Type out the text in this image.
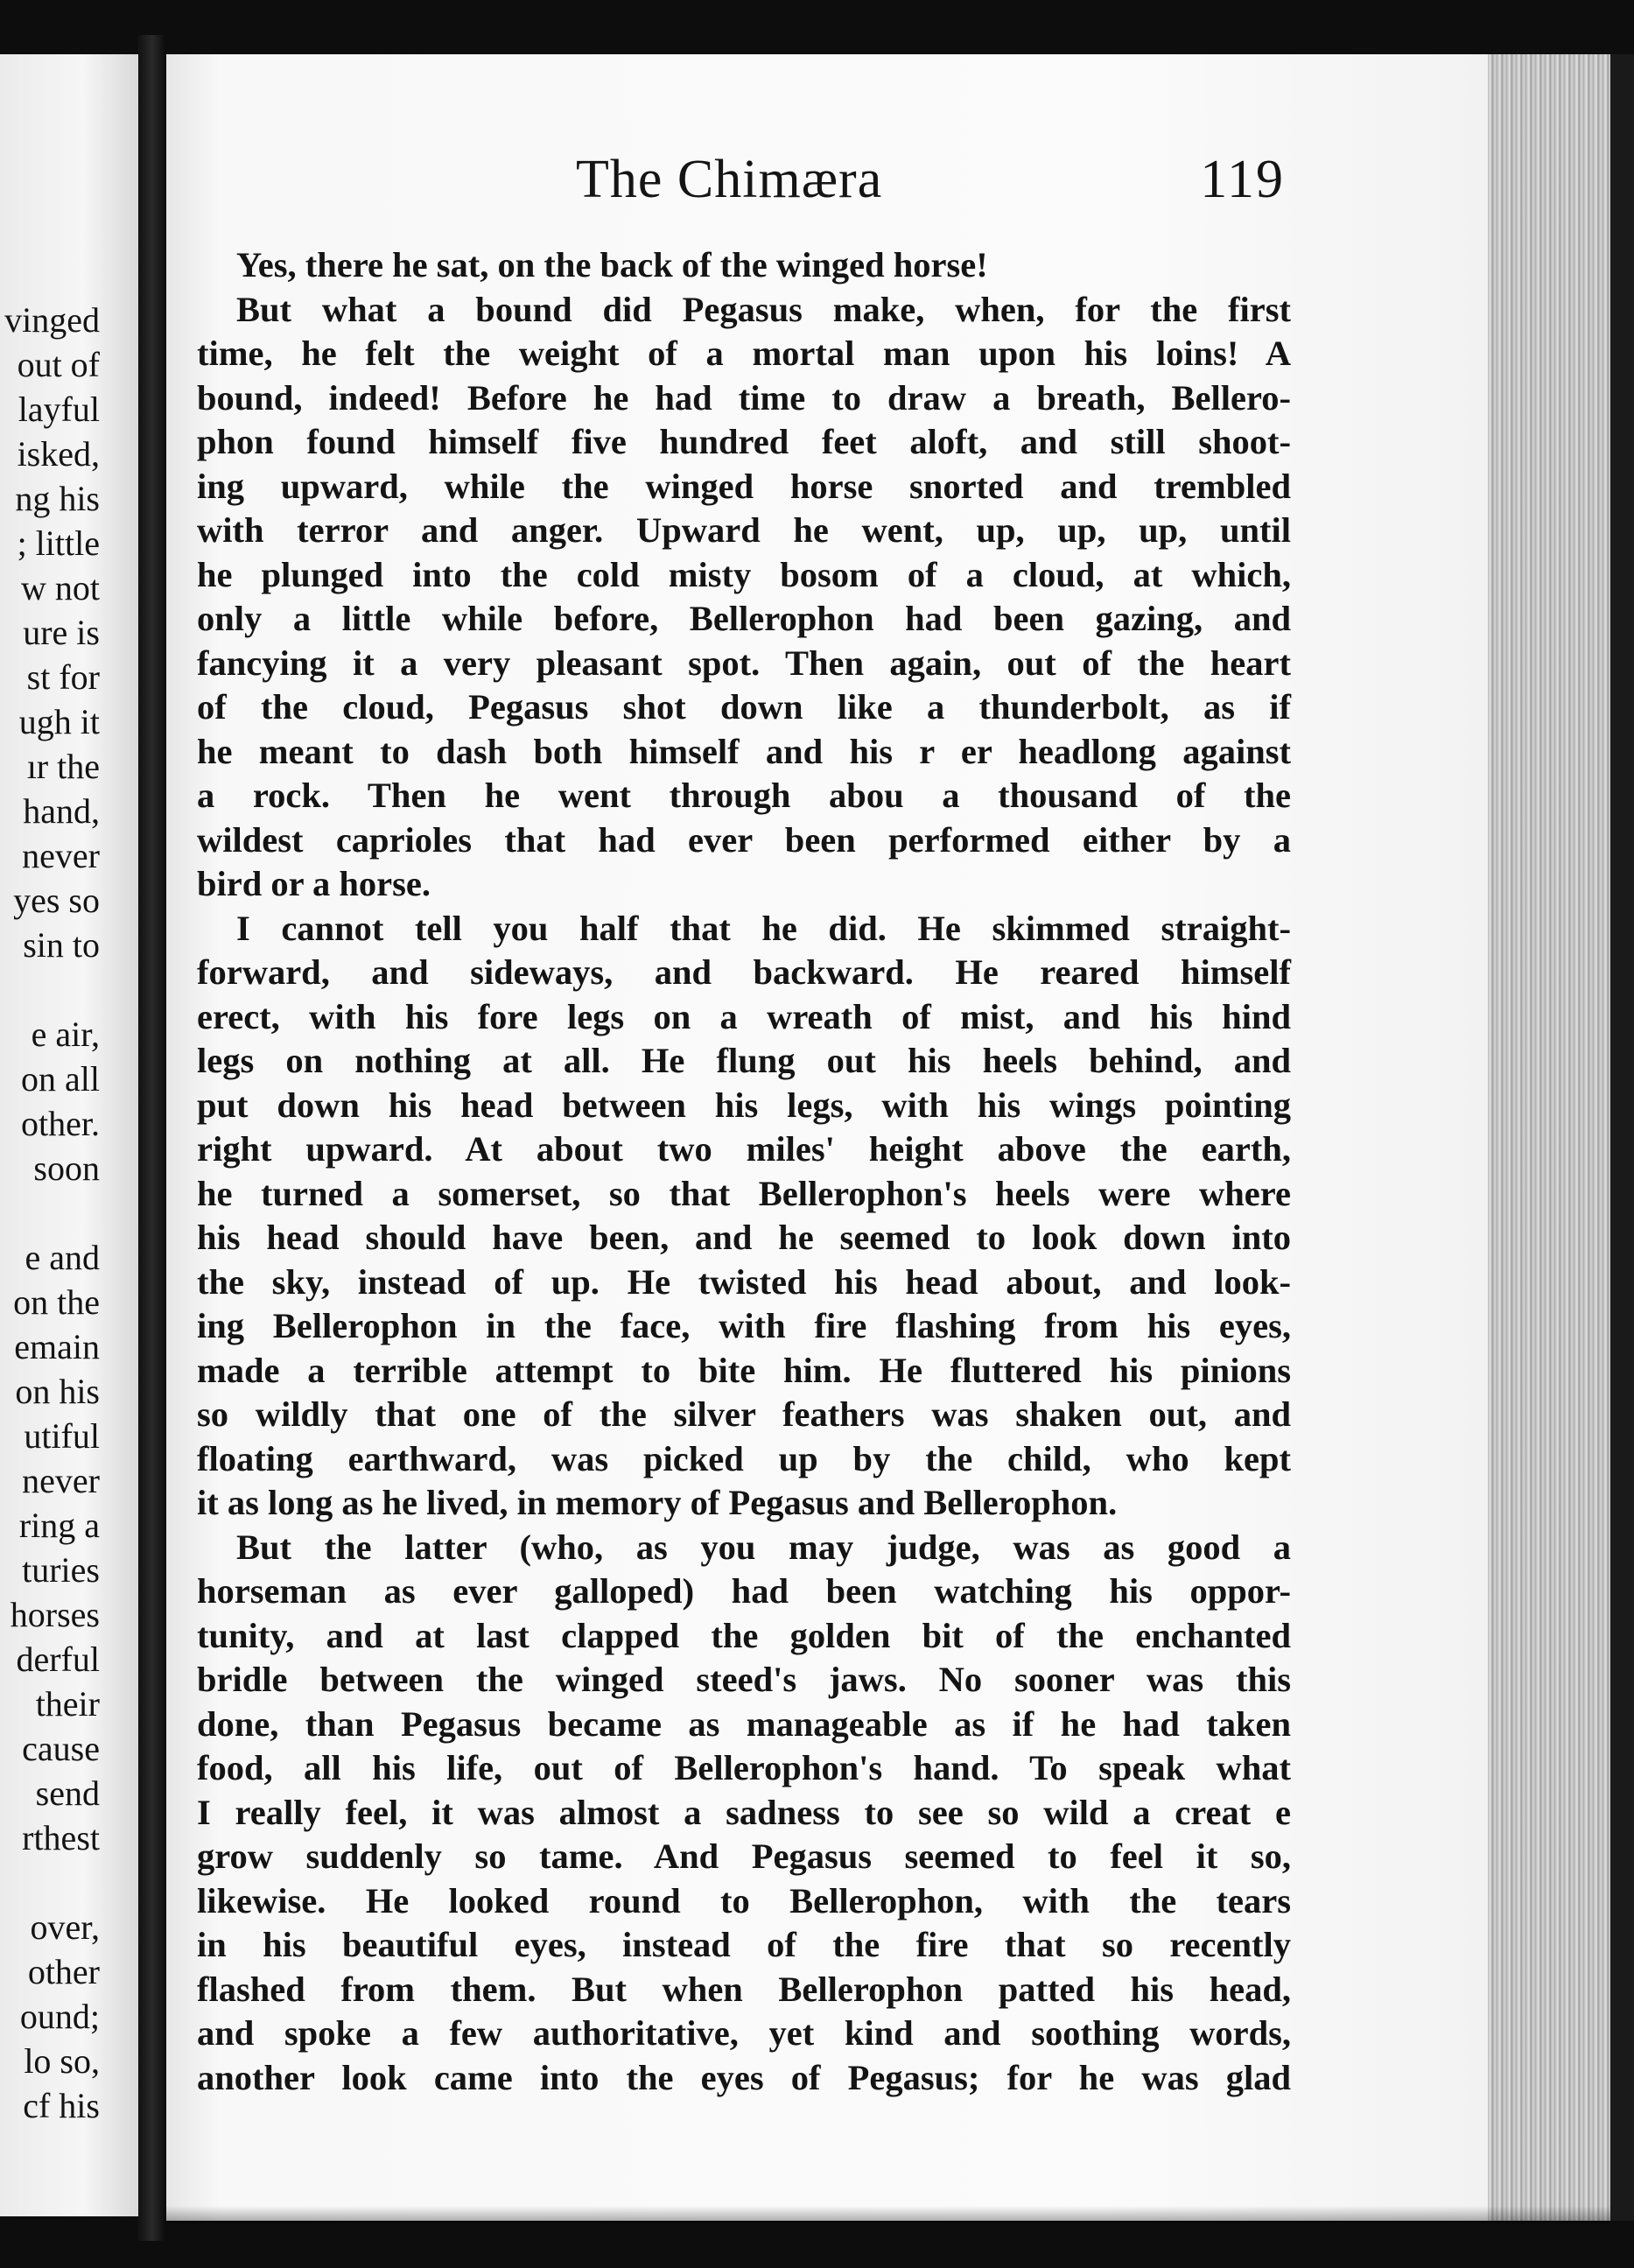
vinged
out of
layful
isked,
ng his
; little
w not
ure is
st for
ugh it
ır the
hand,
never
yes so
sin to
e air,
on all
other.
soon
e and
on the
emain
on his
utiful
never
ring a
turies
horses
derful
their
cause
send
rthest
over,
other
ound;
lo so,
cf his
The Chimæra	119
Yes, there he sat, on the back of the winged horse!
But what a bound did Pegasus make, when, for the first
time, he felt the weight of a mortal man upon his loins! A
bound, indeed! Before he had time to draw a breath, Bellero-
phon found himself five hundred feet aloft, and still shoot-
ing upward, while the winged horse snorted and trembled
with terror and anger. Upward he went, up, up, up, until
he plunged into the cold misty bosom of a cloud, at which,
only a little while before, Bellerophon had been gazing, and
fancying it a very pleasant spot. Then again, out of the heart
of the cloud, Pegasus shot down like a thunderbolt, as if
he meant to dash both himself and his r er headlong against
a rock. Then he went through abou a thousand of the
wildest caprioles that had ever been performed either by a
bird or a horse.
I cannot tell you half that he did. He skimmed straight-
forward, and sideways, and backward. He reared himself
erect, with his fore legs on a wreath of mist, and his hind
legs on nothing at all. He flung out his heels behind, and
put down his head between his legs, with his wings pointing
right upward. At about two miles' height above the earth,
he turned a somerset, so that Bellerophon's heels were where
his head should have been, and he seemed to look down into
the sky, instead of up. He twisted his head about, and look-
ing Bellerophon in the face, with fire flashing from his eyes,
made a terrible attempt to bite him. He fluttered his pinions
so wildly that one of the silver feathers was shaken out, and
floating earthward, was picked up by the child, who kept
it as long as he lived, in memory of Pegasus and Bellerophon.
But the latter (who, as you may judge, was as good a
horseman as ever galloped) had been watching his oppor-
tunity, and at last clapped the golden bit of the enchanted
bridle between the winged steed's jaws. No sooner was this
done, than Pegasus became as manageable as if he had taken
food, all his life, out of Bellerophon's hand. To speak what
I really feel, it was almost a sadness to see so wild a creat e
grow suddenly so tame. And Pegasus seemed to feel it so,
likewise. He looked round to Bellerophon, with the tears
in his beautiful eyes, instead of the fire that so recently
flashed from them. But when Bellerophon patted his head,
and spoke a few authoritative, yet kind and soothing words,
another look came into the eyes of Pegasus; for he was glad
